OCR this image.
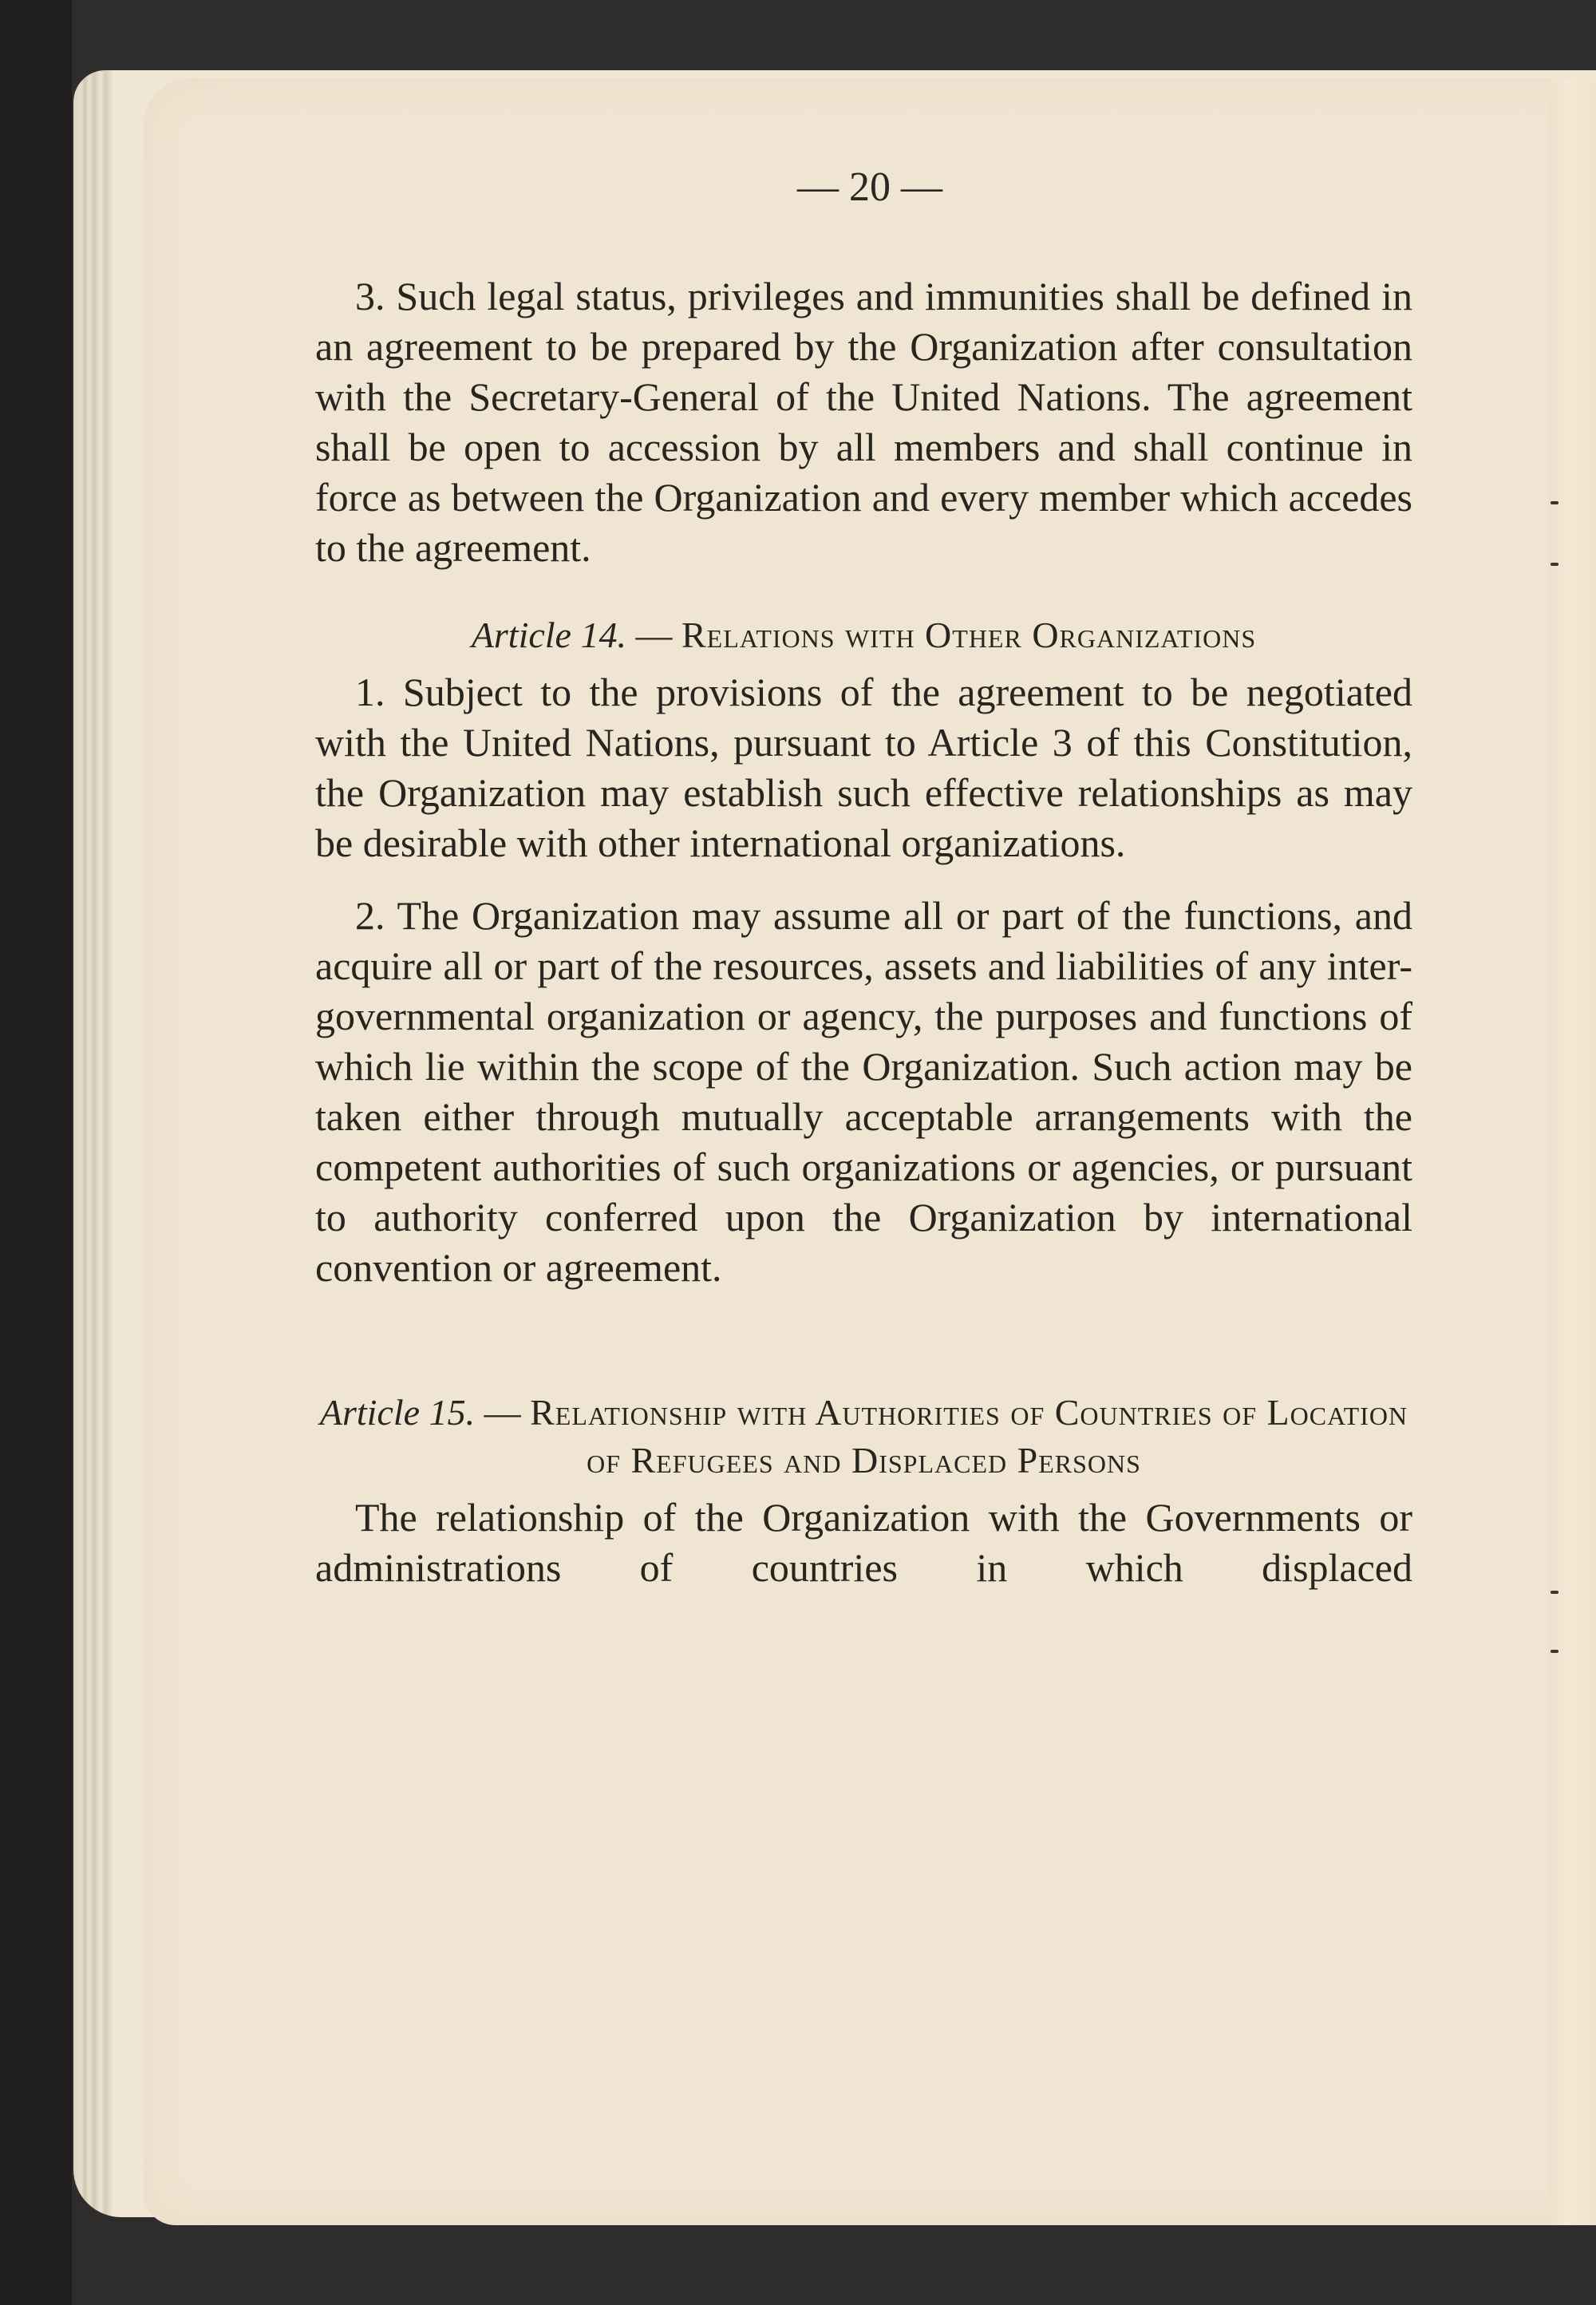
— 20 —

3. Such legal status, privileges and immunities shall be defined in an agreement to be prepared by the Organization after consultation with the Secretary-General of the United Nations. The agreement shall be open to accession by all members and shall continue in force as between the Organization and every member which accedes to the agreement.

Article 14. — Relations with Other Organizations

1. Subject to the provisions of the agreement to be negotiated with the United Nations, pursuant to Article 3 of this Constitution, the Organization may establish such effective relationships as may be desirable with other international organizations.

2. The Organization may assume all or part of the functions, and acquire all or part of the resources, assets and liabilities of any inter-governmental organization or agency, the purposes and functions of which lie within the scope of the Organization. Such action may be taken either through mutually acceptable arrangements with the competent authorities of such organizations or agencies, or pursuant to authority conferred upon the Organization by international convention or agreement.

Article 15. — Relationship with Authorities of Countries of Location of Refugees and Displaced Persons

The relationship of the Organization with the Governments or administrations of countries in which displaced
